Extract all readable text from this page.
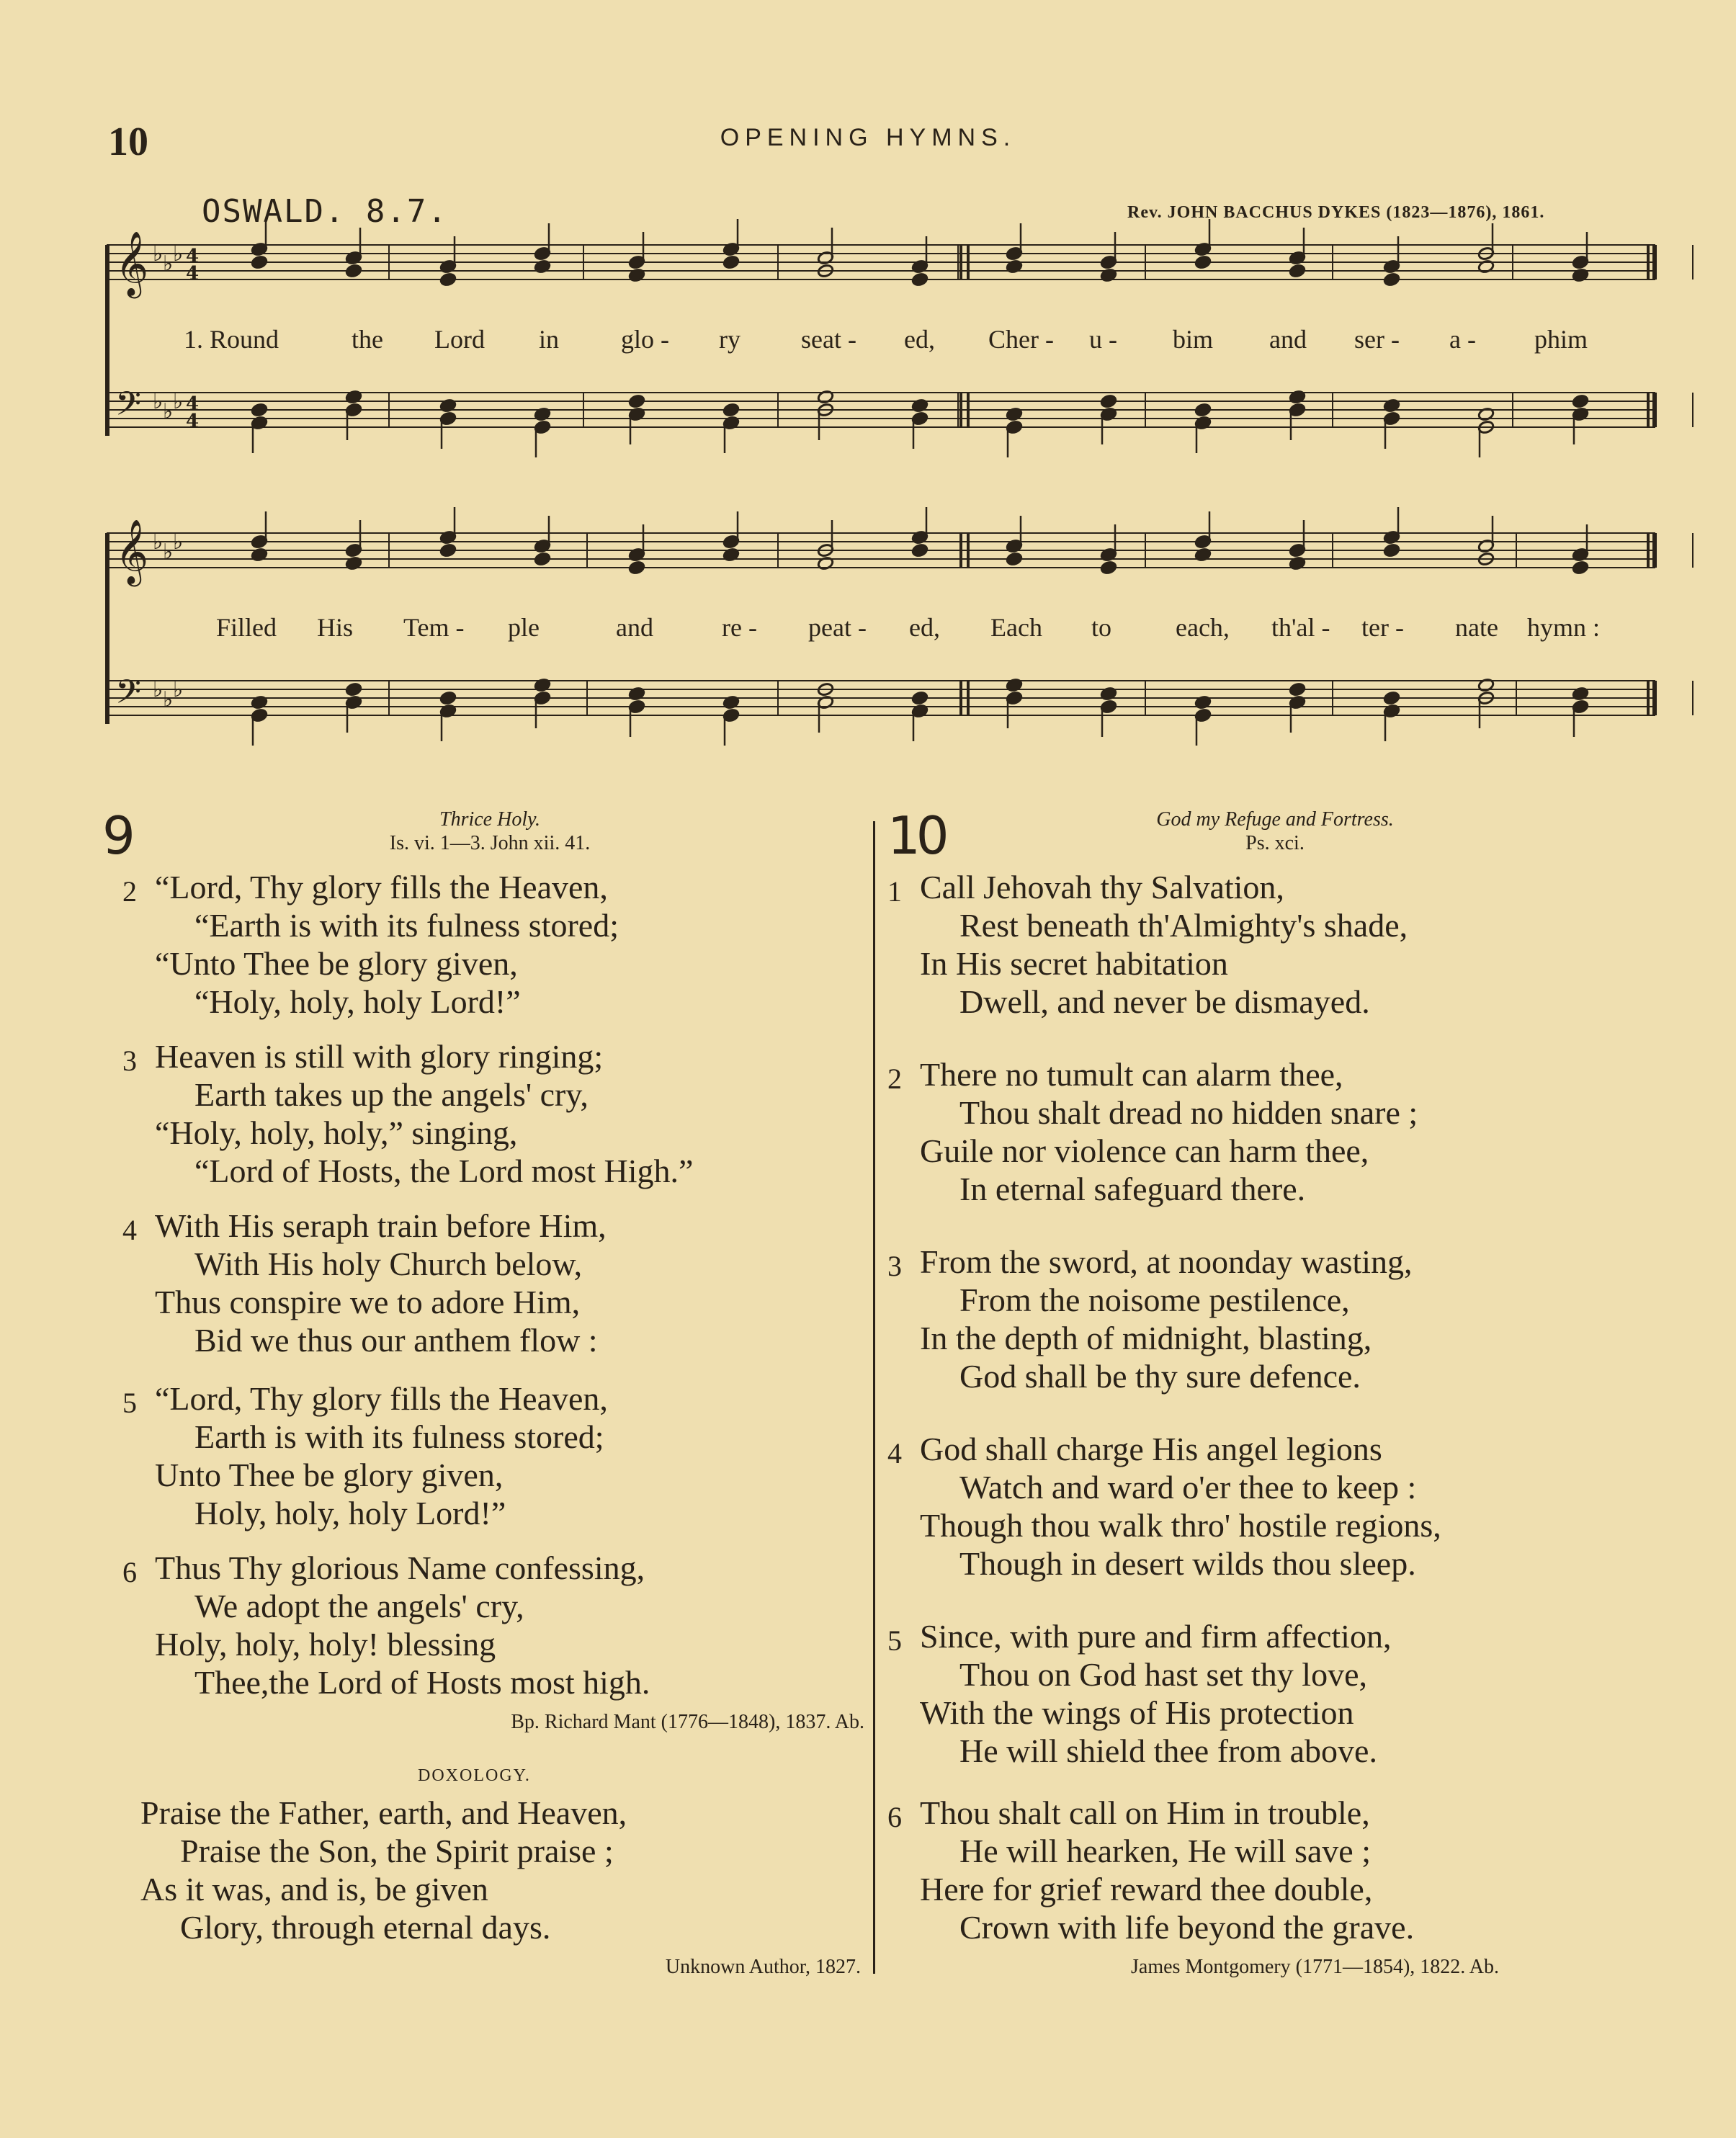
10	OPENING HYMNS.
OSWALD. 8.7.	Rev. JOHN BACCHUS DYKES (1823—1876), 1861.
𝄞 ♭ ♭ ♭ 4
4
𝄢 ♭ ♭ ♭ 4
4
𝄞 ♭ ♭ ♭
𝄢 ♭ ♭ ♭
1. Round	the Lord in glo - ry seat - ed, Cher - u - bim and ser - a - phim
Filled His Tem - ple	and	re - peat - ed, Each to each, th'al - ter - nate hymn :
9	Thrice Holy.
Is. vi. 1—3. John xii. 41.
2 “Lord, Thy glory fills the Heaven,
“Earth is with its fulness stored;
“Unto Thee be glory given,
“Holy, holy, holy Lord!”
3 Heaven is still with glory ringing;
Earth takes up the angels' cry,
“Holy, holy, holy,” singing,
“Lord of Hosts, the Lord most High.”
4 With His seraph train before Him,
With His holy Church below,
Thus conspire we to adore Him,
Bid we thus our anthem flow :
5 “Lord, Thy glory fills the Heaven,
Earth is with its fulness stored;
Unto Thee be glory given,
Holy, holy, holy Lord!”
6 Thus Thy glorious Name confessing,
We adopt the angels' cry,
Holy, holy, holy! blessing
Thee,the Lord of Hosts most high.
Bp. Richard Mant (1776—1848), 1837. Ab.
DOXOLOGY.
Praise the Father, earth, and Heaven,
Praise the Son, the Spirit praise ;
As it was, and is, be given
Glory, through eternal days.
Unknown Author, 1827.
10	God my Refuge and Fortress.
Ps. xci.
1 Call Jehovah thy Salvation,
Rest beneath th'Almighty's shade,
In His secret habitation
Dwell, and never be dismayed.
2 There no tumult can alarm thee,
Thou shalt dread no hidden snare ;
Guile nor violence can harm thee,
In eternal safeguard there.
3 From the sword, at noonday wasting,
From the noisome pestilence,
In the depth of midnight, blasting,
God shall be thy sure defence.
4 God shall charge His angel legions
Watch and ward o'er thee to keep :
Though thou walk thro' hostile regions,
Though in desert wilds thou sleep.
5 Since, with pure and firm affection,
Thou on God hast set thy love,
With the wings of His protection
He will shield thee from above.
6 Thou shalt call on Him in trouble,
He will hearken, He will save ;
Here for grief reward thee double,
Crown with life beyond the grave.
James Montgomery (1771—1854), 1822. Ab.
